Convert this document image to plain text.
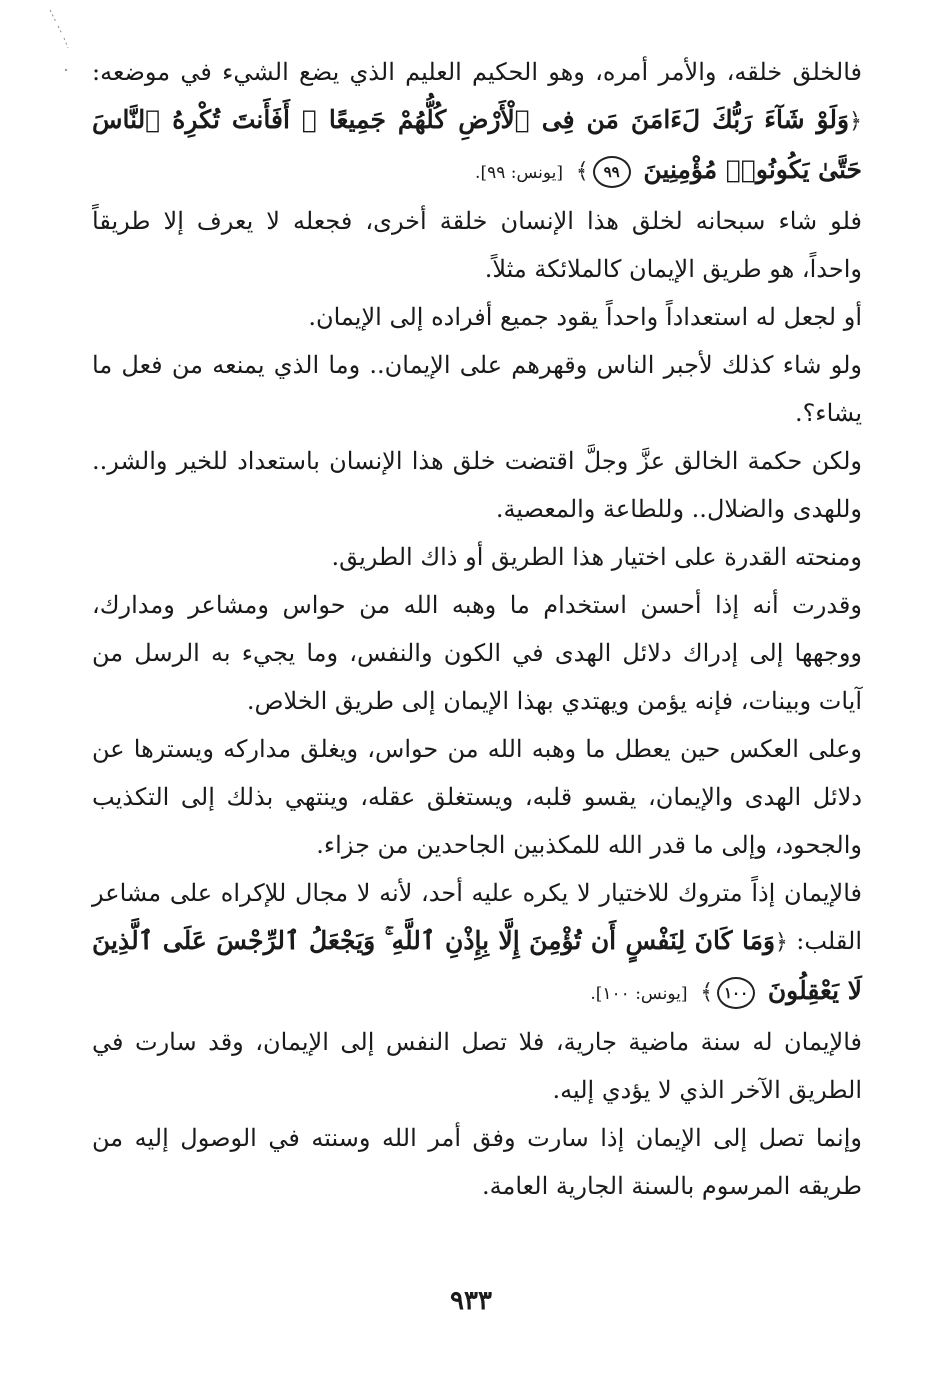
فالخلق خلقه، والأمر أمره، وهو الحكيم العليم الذي يضع الشيء في موضعه: ﴿وَلَوْ شَآءَ رَبُّكَ لَءَامَنَ مَن فِى ٱلْأَرْضِ كُلُّهُمْ جَمِيعًا ۚ أَفَأَنتَ تُكْرِهُ ٱلنَّاسَ حَتَّىٰ يَكُونُوا۟ مُؤْمِنِينَ ٩٩﴾ [يونس: ٩٩].

فلو شاء سبحانه لخلق هذا الإنسان خلقة أخرى، فجعله لا يعرف إلا طريقاً واحداً، هو طريق الإيمان كالملائكة مثلاً.

أو لجعل له استعداداً واحداً يقود جميع أفراده إلى الإيمان.

ولو شاء كذلك لأجبر الناس وقهرهم على الإيمان.. وما الذي يمنعه من فعل ما يشاء؟.

ولكن حكمة الخالق عزَّ وجلَّ اقتضت خلق هذا الإنسان باستعداد للخير والشر.. وللهدى والضلال.. وللطاعة والمعصية.

ومنحته القدرة على اختيار هذا الطريق أو ذاك الطريق.

وقدرت أنه إذا أحسن استخدام ما وهبه الله من حواس ومشاعر ومدارك، ووجهها إلى إدراك دلائل الهدى في الكون والنفس، وما يجيء به الرسل من آيات وبينات، فإنه يؤمن ويهتدي بهذا الإيمان إلى طريق الخلاص.

وعلى العكس حين يعطل ما وهبه الله من حواس، ويغلق مداركه ويسترها عن دلائل الهدى والإيمان، يقسو قلبه، ويستغلق عقله، وينتهي بذلك إلى التكذيب والجحود، وإلى ما قدر الله للمكذبين الجاحدين من جزاء.

فالإيمان إذاً متروك للاختيار لا يكره عليه أحد، لأنه لا مجال للإكراه على مشاعر القلب: ﴿وَمَا كَانَ لِنَفْسٍ أَن تُؤْمِنَ إِلَّا بِإِذْنِ ٱللَّهِ ۚ وَيَجْعَلُ ٱلرِّجْسَ عَلَى ٱلَّذِينَ لَا يَعْقِلُونَ ١٠٠﴾ [يونس: ١٠٠].

فالإيمان له سنة ماضية جارية، فلا تصل النفس إلى الإيمان، وقد سارت في الطريق الآخر الذي لا يؤدي إليه.

وإنما تصل إلى الإيمان إذا سارت وفق أمر الله وسنته في الوصول إليه من طريقه المرسوم بالسنة الجارية العامة.

٩٣٣
